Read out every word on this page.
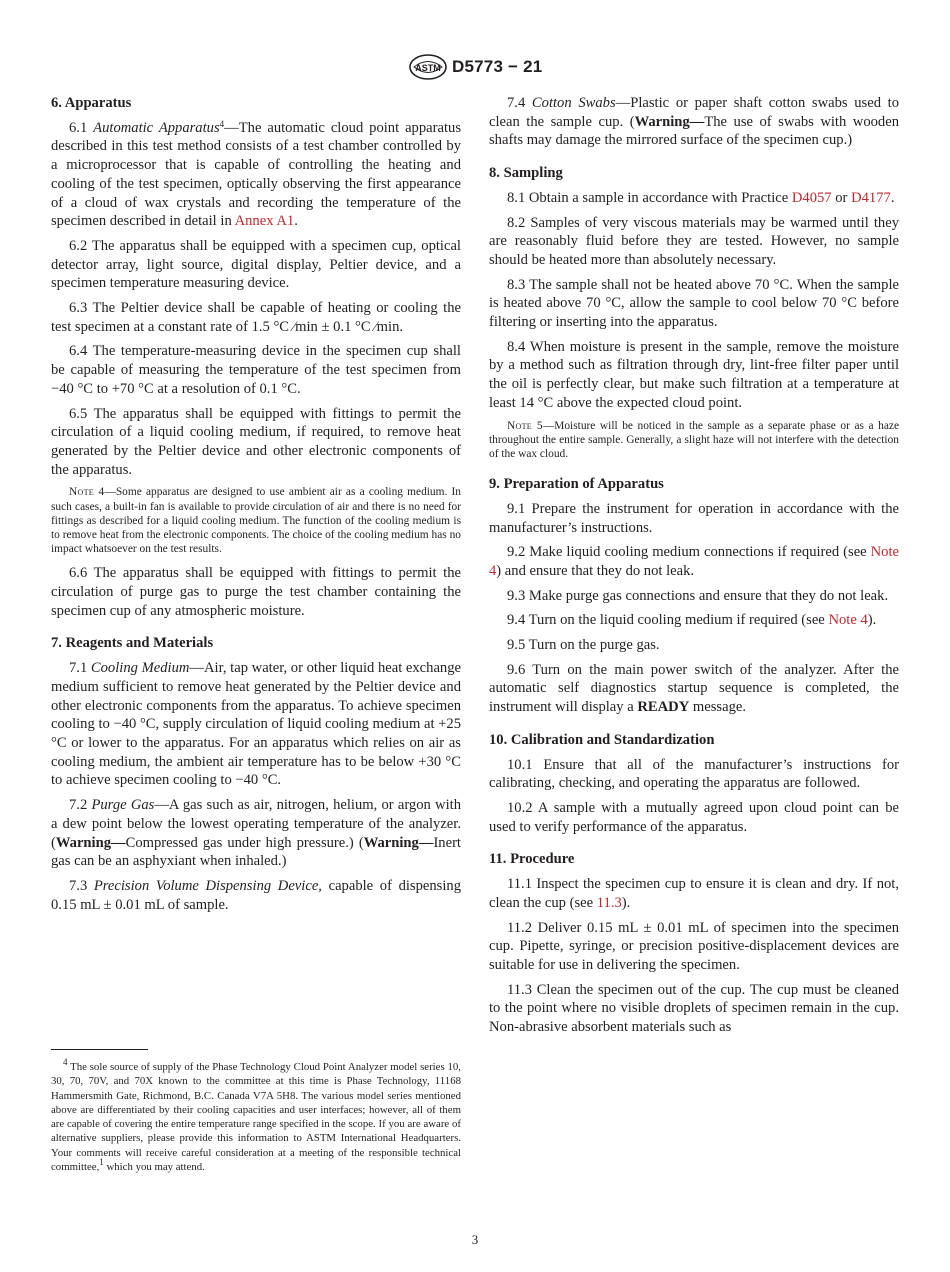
ASTM D5773 − 21
6. Apparatus

6.1 Automatic Apparatus$^4$—The automatic cloud point apparatus described in this test method consists of a test chamber controlled by a microprocessor that is capable of controlling the heating and cooling of the test specimen, optically observing the first appearance of a cloud of wax crystals and recording the temperature of the specimen described in detail in Annex A1.

6.2 The apparatus shall be equipped with a specimen cup, optical detector array, light source, digital display, Peltier device, and a specimen temperature measuring device.

6.3 The Peltier device shall be capable of heating or cooling the test specimen at a constant rate of 1.5 °C ⁄min ± 0.1 °C ⁄min.

6.4 The temperature-measuring device in the specimen cup shall be capable of measuring the temperature of the test specimen from −40 °C to +70 °C at a resolution of 0.1 °C.

6.5 The apparatus shall be equipped with fittings to permit the circulation of a liquid cooling medium, if required, to remove heat generated by the Peltier device and other electronic components of the apparatus.

Note 4—Some apparatus are designed to use ambient air as a cooling medium. In such cases, a built-in fan is available to provide circulation of air and there is no need for fittings as described for a liquid cooling medium. The function of the cooling medium is to remove heat from the electronic components. The choice of the cooling medium has no impact whatsoever on the test results.

6.6 The apparatus shall be equipped with fittings to permit the circulation of purge gas to purge the test chamber containing the specimen cup of any atmospheric moisture.

7. Reagents and Materials

7.1 Cooling Medium—Air, tap water, or other liquid heat exchange medium sufficient to remove heat generated by the Peltier device and other electronic components from the apparatus. To achieve specimen cooling to −40 °C, supply circulation of liquid cooling medium at +25 °C or lower to the apparatus. For an apparatus which relies on air as cooling medium, the ambient air temperature has to be below +30 °C to achieve specimen cooling to −40 °C.

7.2 Purge Gas—A gas such as air, nitrogen, helium, or argon with a dew point below the lowest operating temperature of the analyzer. (Warning—Compressed gas under high pressure.) (Warning—Inert gas can be an asphyxiant when inhaled.)

7.3 Precision Volume Dispensing Device, capable of dispensing 0.15 mL ± 0.01 mL of sample.

$^4$ The sole source of supply of the Phase Technology Cloud Point Analyzer model series 10, 30, 70, 70V, and 70X known to the committee at this time is Phase Technology, 11168 Hammersmith Gate, Richmond, B.C. Canada V7A 5H8. The various model series mentioned above are differentiated by their cooling capacities and user interfaces; however, all of them are capable of covering the entire temperature range specified in the scope. If you are aware of alternative suppliers, please provide this information to ASTM International Headquarters. Your comments will receive careful consideration at a meeting of the responsible technical committee,$^1$ which you may attend.

7.4 Cotton Swabs—Plastic or paper shaft cotton swabs used to clean the sample cup. (Warning—The use of swabs with wooden shafts may damage the mirrored surface of the specimen cup.)

8. Sampling

8.1 Obtain a sample in accordance with Practice D4057 or D4177.

8.2 Samples of very viscous materials may be warmed until they are reasonably fluid before they are tested. However, no sample should be heated more than absolutely necessary.

8.3 The sample shall not be heated above 70 °C. When the sample is heated above 70 °C, allow the sample to cool below 70 °C before filtering or inserting into the apparatus.

8.4 When moisture is present in the sample, remove the moisture by a method such as filtration through dry, lint-free filter paper until the oil is perfectly clear, but make such filtration at a temperature at least 14 °C above the expected cloud point.

Note 5—Moisture will be noticed in the sample as a separate phase or as a haze throughout the entire sample. Generally, a slight haze will not interfere with the detection of the wax cloud.

9. Preparation of Apparatus

9.1 Prepare the instrument for operation in accordance with the manufacturer’s instructions.

9.2 Make liquid cooling medium connections if required (see Note 4) and ensure that they do not leak.

9.3 Make purge gas connections and ensure that they do not leak.

9.4 Turn on the liquid cooling medium if required (see Note 4).

9.5 Turn on the purge gas.

9.6 Turn on the main power switch of the analyzer. After the automatic self diagnostics startup sequence is completed, the instrument will display a READY message.

10. Calibration and Standardization

10.1 Ensure that all of the manufacturer’s instructions for calibrating, checking, and operating the apparatus are followed.

10.2 A sample with a mutually agreed upon cloud point can be used to verify performance of the apparatus.

11. Procedure

11.1 Inspect the specimen cup to ensure it is clean and dry. If not, clean the cup (see 11.3).

11.2 Deliver 0.15 mL ± 0.01 mL of specimen into the specimen cup. Pipette, syringe, or precision positive-displacement devices are suitable for use in delivering the specimen.

11.3 Clean the specimen out of the cup. The cup must be cleaned to the point where no visible droplets of specimen remain in the cup. Non-abrasive absorbent materials such as

3
